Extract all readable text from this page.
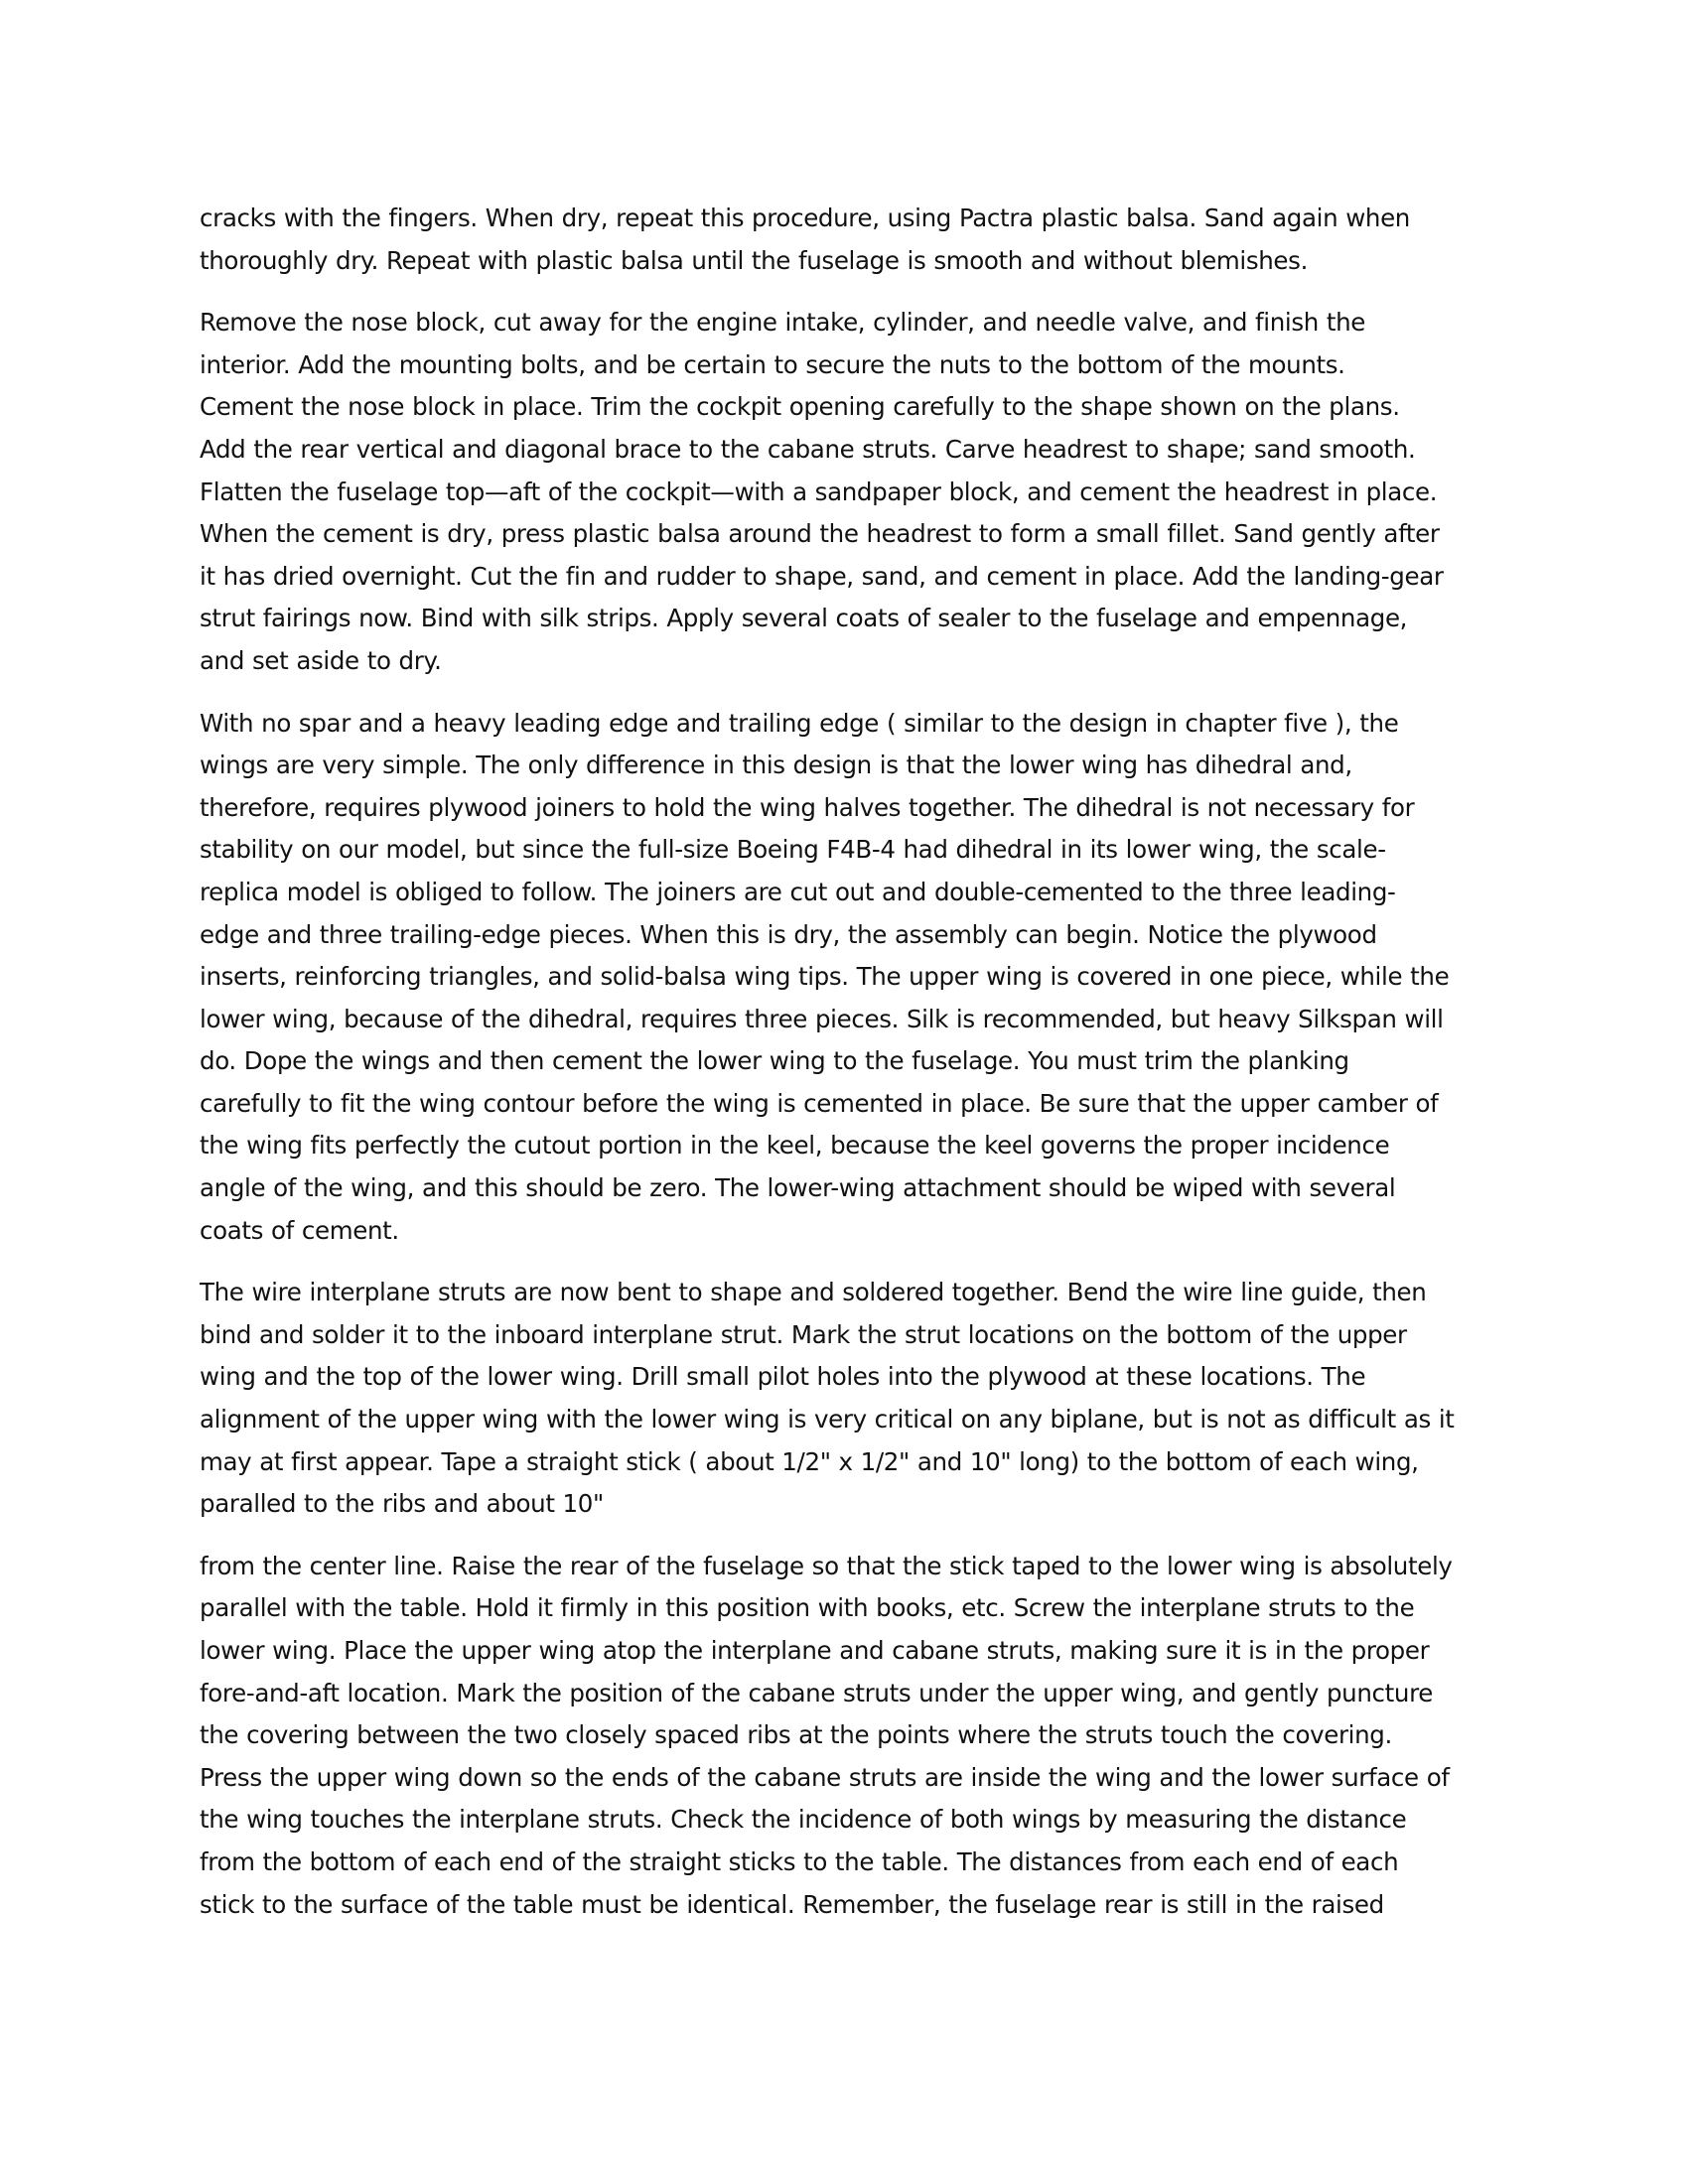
cracks with the fingers. When dry, repeat this procedure, using Pactra plastic balsa. Sand again when
thoroughly dry. Repeat with plastic balsa until the fuselage is smooth and without blemishes.

Remove the nose block, cut away for the engine intake, cylinder, and needle valve, and finish the
interior. Add the mounting bolts, and be certain to secure the nuts to the bottom of the mounts.
Cement the nose block in place. Trim the cockpit opening carefully to the shape shown on the plans.
Add the rear vertical and diagonal brace to the cabane struts. Carve headrest to shape; sand smooth.
Flatten the fuselage top—aft of the cockpit—with a sandpaper block, and cement the headrest in place.
When the cement is dry, press plastic balsa around the headrest to form a small fillet. Sand gently after
it has dried overnight. Cut the fin and rudder to shape, sand, and cement in place. Add the landing-gear
strut fairings now. Bind with silk strips. Apply several coats of sealer to the fuselage and empennage,
and set aside to dry.

With no spar and a heavy leading edge and trailing edge ( similar to the design in chapter five ), the
wings are very simple. The only difference in this design is that the lower wing has dihedral and,
therefore, requires plywood joiners to hold the wing halves together. The dihedral is not necessary for
stability on our model, but since the full-size Boeing F4B-4 had dihedral in its lower wing, the scale-
replica model is obliged to follow. The joiners are cut out and double-cemented to the three leading-
edge and three trailing-edge pieces. When this is dry, the assembly can begin. Notice the plywood
inserts, reinforcing triangles, and solid-balsa wing tips. The upper wing is covered in one piece, while the
lower wing, because of the dihedral, requires three pieces. Silk is recommended, but heavy Silkspan will
do. Dope the wings and then cement the lower wing to the fuselage. You must trim the planking
carefully to fit the wing contour before the wing is cemented in place. Be sure that the upper camber of
the wing fits perfectly the cutout portion in the keel, because the keel governs the proper incidence
angle of the wing, and this should be zero. The lower-wing attachment should be wiped with several
coats of cement.

The wire interplane struts are now bent to shape and soldered together. Bend the wire line guide, then
bind and solder it to the inboard interplane strut. Mark the strut locations on the bottom of the upper
wing and the top of the lower wing. Drill small pilot holes into the plywood at these locations. The
alignment of the upper wing with the lower wing is very critical on any biplane, but is not as difficult as it
may at first appear. Tape a straight stick ( about 1/2" x 1/2" and 10" long) to the bottom of each wing,
paralled to the ribs and about 10"

from the center line. Raise the rear of the fuselage so that the stick taped to the lower wing is absolutely
parallel with the table. Hold it firmly in this position with books, etc. Screw the interplane struts to the
lower wing. Place the upper wing atop the interplane and cabane struts, making sure it is in the proper
fore-and-aft location. Mark the position of the cabane struts under the upper wing, and gently puncture
the covering between the two closely spaced ribs at the points where the struts touch the covering.
Press the upper wing down so the ends of the cabane struts are inside the wing and the lower surface of
the wing touches the interplane struts. Check the incidence of both wings by measuring the distance
from the bottom of each end of the straight sticks to the table. The distances from each end of each
stick to the surface of the table must be identical. Remember, the fuselage rear is still in the raised
